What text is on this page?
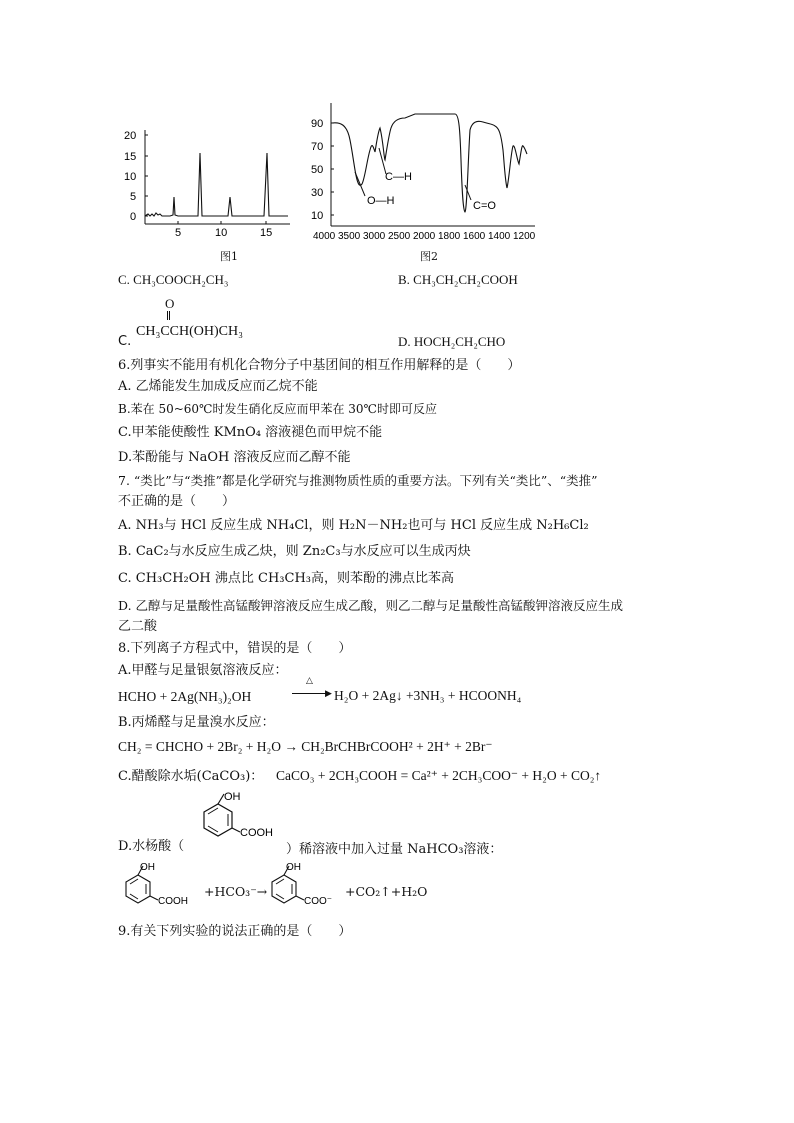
20
15
10
5
0
5	10	15
图1
90
70
50
30
10
4000 3500 3000 2500 2000 1800 1600 1400 1200
C—H
O—H	C=O
图2
C. CH₃COOCH₂CH₃	B. CH₃CH₂CH₂COOH
O
C.
CH₃CCH(OH)CH₃
D. HOCH₂CH₂CHO
6.列事实不能用有机化合物分子中基团间的相互作用解释的是（　　）
A. 乙烯能发生加成反应而乙烷不能
B.苯在 50~60℃时发生硝化反应而甲苯在 30℃时即可反应
C.甲苯能使酸性 KMnO₄ 溶液褪色而甲烷不能
D.苯酚能与 NaOH 溶液反应而乙醇不能
7. “类比”与“类推”都是化学研究与推测物质性质的重要方法。下列有关“类比”、“类推”
不正确的是（　　）
A. NH₃与 HCl 反应生成 NH₄Cl，则 H₂N－NH₂也可与 HCl 反应生成 N₂H₆Cl₂
B. CaC₂与水反应生成乙炔，则 Zn₂C₃与水反应可以生成丙炔
C. CH₃CH₂OH 沸点比 CH₃CH₃高，则苯酚的沸点比苯高
D. 乙醇与足量酸性高锰酸钾溶液反应生成乙酸，则乙二醇与足量酸性高锰酸钾溶液反应生成
乙二酸
8.下列离子方程式中，错误的是（　　）
A.甲醛与足量银氨溶液反应：
HCHO + 2Ag(NH₃)₂OH
△
▶ H₂O + 2Ag↓ +3NH₃ + HCOONH₄
B.丙烯醛与足量溴水反应：
CH₂ = CHCHO + 2Br₂ + H₂O → CH₂BrCHBrCOOH² + 2H⁺ + 2Br⁻
C.醋酸除水垢(CaCO₃)： CaCO₃ + 2CH₃COOH = Ca²⁺ + 2CH₃COO⁻ + H₂O + CO₂↑
D.水杨酸（
OH
COOH
）稀溶液中加入过量 NaHCO₃溶液：
OH
COOH
+HCO₃⁻→
OH
COO⁻
+CO₂↑+H₂O
9.有关下列实验的说法正确的是（　　）
